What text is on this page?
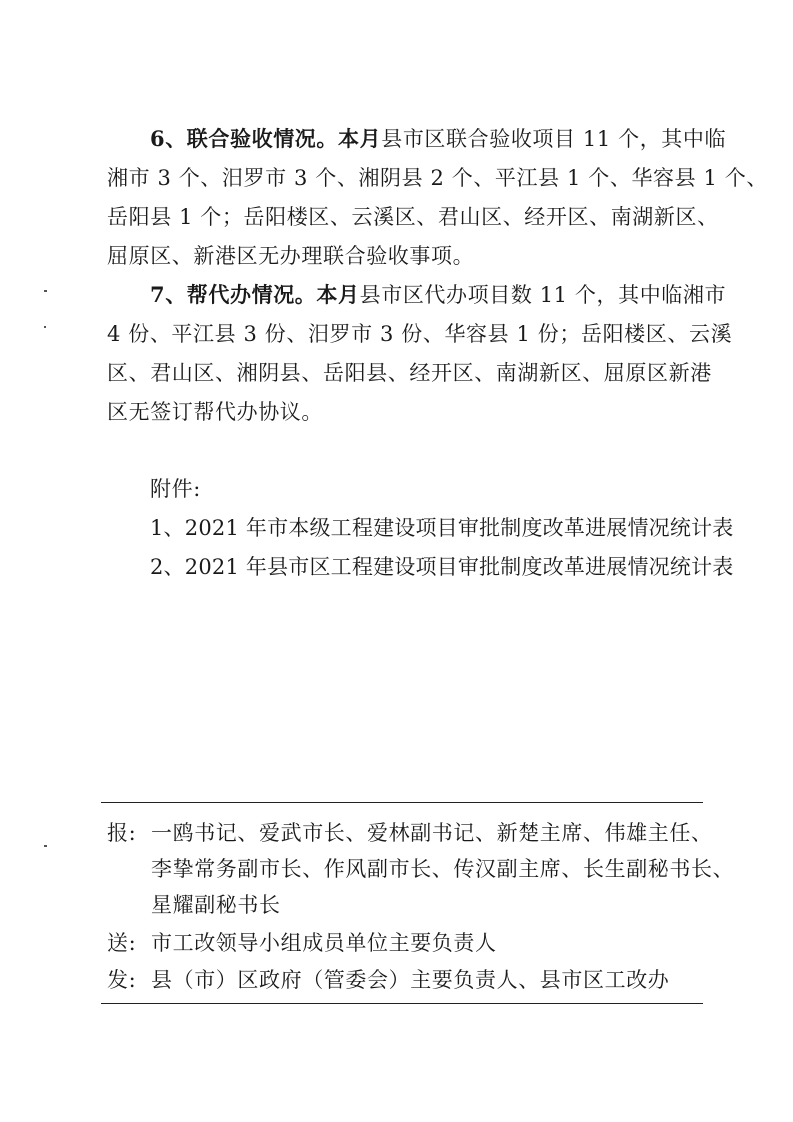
6、联合验收情况。本月县市区联合验收项目 11 个，其中临
湘市 3 个、汨罗市 3 个、湘阴县 2 个、平江县 1 个、华容县 1 个、
岳阳县 1 个；岳阳楼区、云溪区、君山区、经开区、南湖新区、
屈原区、新港区无办理联合验收事项。
7、帮代办情况。本月县市区代办项目数 11 个，其中临湘市
4 份、平江县 3 份、汨罗市 3 份、华容县 1 份；岳阳楼区、云溪
区、君山区、湘阴县、岳阳县、经开区、南湖新区、屈原区新港
区无签订帮代办协议。
附件:
1、2021 年市本级工程建设项目审批制度改革进展情况统计表
2、2021 年县市区工程建设项目审批制度改革进展情况统计表
报: 一鸥书记、爱武市长、爱林副书记、新楚主席、伟雄主任、
李挚常务副市长、作风副市长、传汉副主席、长生副秘书长、
星耀副秘书长
送: 市工改领导小组成员单位主要负责人
发: 县（市）区政府（管委会）主要负责人、县市区工改办
